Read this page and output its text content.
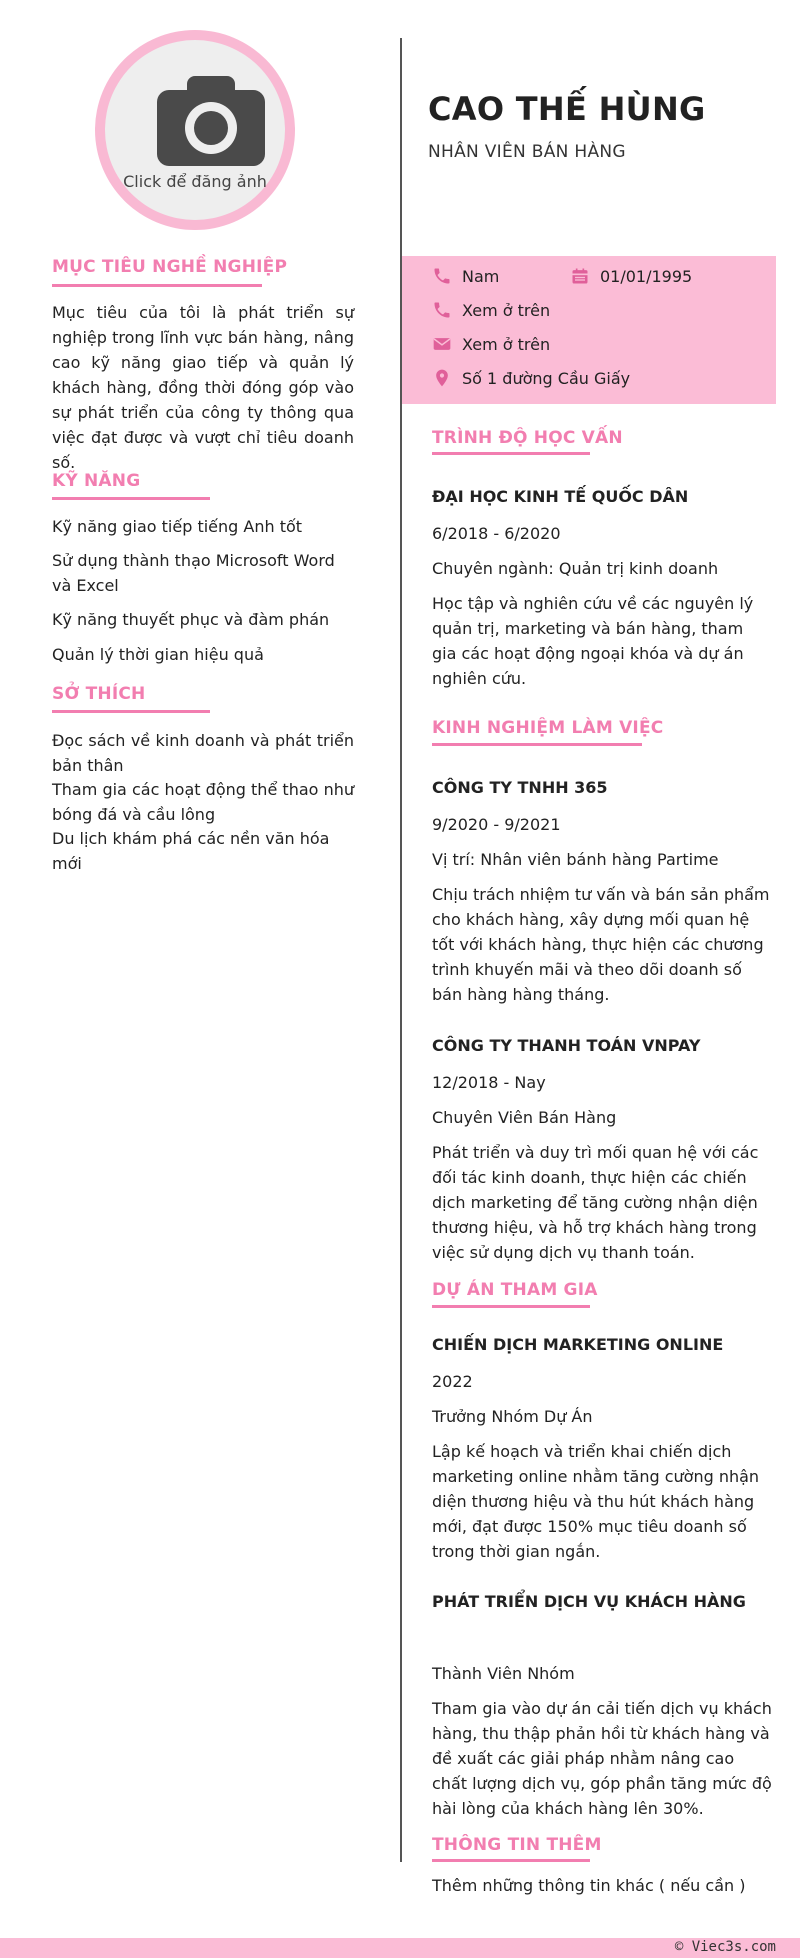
Click để đăng ảnh
MỤC TIÊU NGHỀ NGHIỆP
Mục tiêu của tôi là phát triển sự nghiệp trong lĩnh vực bán hàng, nâng cao kỹ năng giao tiếp và quản lý khách hàng, đồng thời đóng góp vào sự phát triển của công ty thông qua việc đạt được và vượt chỉ tiêu doanh số.
KỸ NĂNG
Kỹ năng giao tiếp tiếng Anh tốt
Sử dụng thành thạo Microsoft Word và Excel
Kỹ năng thuyết phục và đàm phán
Quản lý thời gian hiệu quả
SỞ THÍCH
Đọc sách về kinh doanh và phát triển bản thân
Tham gia các hoạt động thể thao như bóng đá và cầu lông
Du lịch khám phá các nền văn hóa mới
CAO THẾ HÙNG
NHÂN VIÊN BÁN HÀNG
Nam	01/01/1995
Xem ở trên
Xem ở trên
Số 1 đường Cầu Giấy
TRÌNH ĐỘ HỌC VẤN
ĐẠI HỌC KINH TẾ QUỐC DÂN
6/2018 - 6/2020
Chuyên ngành: Quản trị kinh doanh
Học tập và nghiên cứu về các nguyên lý quản trị, marketing và bán hàng, tham gia các hoạt động ngoại khóa và dự án nghiên cứu.
KINH NGHIỆM LÀM VIỆC
CÔNG TY TNHH 365
9/2020 - 9/2021
Vị trí: Nhân viên bánh hàng Partime
Chịu trách nhiệm tư vấn và bán sản phẩm cho khách hàng, xây dựng mối quan hệ tốt với khách hàng, thực hiện các chương trình khuyến mãi và theo dõi doanh số bán hàng hàng tháng.
CÔNG TY THANH TOÁN VNPAY
12/2018 - Nay
Chuyên Viên Bán Hàng
Phát triển và duy trì mối quan hệ với các đối tác kinh doanh, thực hiện các chiến dịch marketing để tăng cường nhận diện thương hiệu, và hỗ trợ khách hàng trong việc sử dụng dịch vụ thanh toán.
DỰ ÁN THAM GIA
CHIẾN DỊCH MARKETING ONLINE
2022
Trưởng Nhóm Dự Án
Lập kế hoạch và triển khai chiến dịch marketing online nhằm tăng cường nhận diện thương hiệu và thu hút khách hàng mới, đạt được 150% mục tiêu doanh số trong thời gian ngắn.
PHÁT TRIỂN DỊCH VỤ KHÁCH HÀNG
Thành Viên Nhóm
Tham gia vào dự án cải tiến dịch vụ khách hàng, thu thập phản hồi từ khách hàng và đề xuất các giải pháp nhằm nâng cao chất lượng dịch vụ, góp phần tăng mức độ hài lòng của khách hàng lên 30%.
THÔNG TIN THÊM
Thêm những thông tin khác ( nếu cần )
© Viec3s.com
